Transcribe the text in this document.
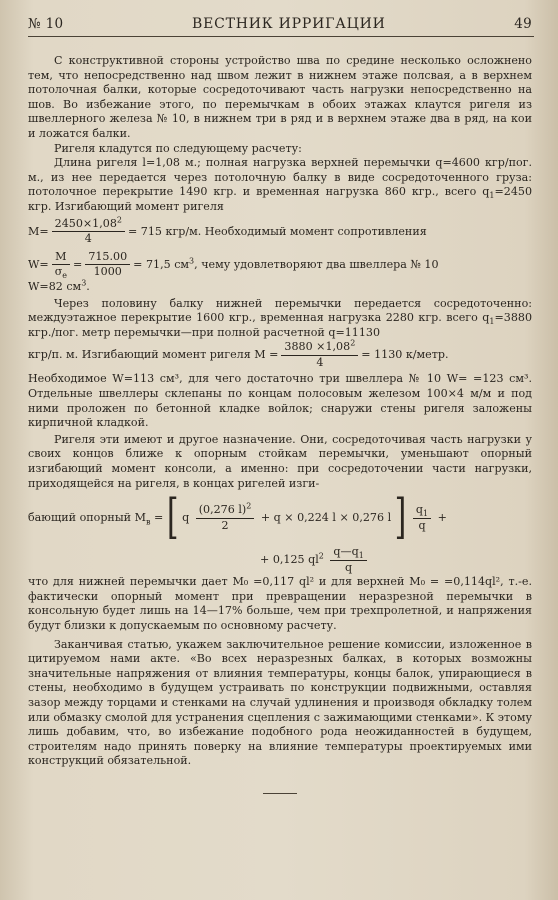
№ 10	ВЕСТНИК ИРРИГАЦИИ	49

С конструктивной стороны устройство шва по средине несколько осложнено тем, что непосредственно над швом лежит в нижнем этаже полсвая, а в верхнем потолочная балки, которые сосредоточивают часть нагрузки непосредственно на шов. Во избежание этого, по перемычкам в обоих этажах клаутся ригеля из швеллерного железа № 10, в нижнем три в ряд и в верхнем этаже два в ряд, на кои и ложатся балки.

Ригеля кладутся по следующему расчету:

Длина ригеля l=1,08 м.; полная нагрузка верхней перемычки q=4600 кгр/пог. м., из нее передается через потолочную балку в виде сосредоточенного груза: потолочное перекрытие 1490 кгр. и временная нагрузка 860 кгр., всего $q_1=2450$ кгр. Изгибающий момент ригеля

$M= \frac{2450\times 1,08^2}{4} = 715$ кгр/м. Необходимый момент сопротивления

$W= \frac{M}{\sigma_е} = \frac{715.00}{1000} = 71,5$ $см^3$, чему удовлетворяют два швеллера № 10

W=82 $см^3$.

Через половину балку нижней перемычки передается сосредоточенно: междуэтажное перекрытие 1600 кгр., временная нагрузка 2280 кгр. всего $q_1=3880$ кгр./пог. метр перемычки—при полной расчетной q=11130

кгр/п. м. Изгибающий момент ригеля $M = \frac{3880 \times 1,08^2}{4} = 1130$ к/метр.

Необходимое W=113 см³, для чего достаточно три швеллера № 10 W= =123 см³. Отдельные швеллеры склепаны по концам полосовым железом 100×4 м/м и под ними проложен по бетонной кладке войлок; снаружи стены ригеля заложены кирпичной кладкой.

Ригеля эти имеют и другое назначение. Они, сосредоточивая часть нагрузки у своих концов ближе к опорным стойкам перемычки, уменьшают опорный изгибающий момент консоли, а именно: при сосредоточении части нагрузки, приходящейся на ригеля, в концах ригелей изги-

бающий опорный $M_в$ = [ q $\frac{(0,276 l)^2}{2} + q \times 0,224$ l × 0,276 l ] $\frac{q_1}{q}$ +
+ 0,125 $ql^2 \frac{q—q_1}{q}$

что для нижней перемычки дает M₀ =0,117 ql² и для верхней M₀ = =0,114ql², т.-е. фактически опорный момент при превращении неразрезной перемычки в консольную будет лишь на 14—17% больше, чем при трехпролетной, и напряжения будут близки к допускаемым по основному расчету.

Заканчивая статью, укажем заключительное решение комиссии, изложенное в цитируемом нами акте. «Во всех неразрезных балках, в которых возможны значительные напряжения от влияния температуры, концы балок, упирающиеся в стены, необходимо в будущем устраивать по конструкции подвижными, оставляя зазор между торцами и стенками на случай удлинения и производя обкладку толем или обмазку смолой для устранения сцепления с зажимающими стенками». К этому лишь добавим, что, во избежание подобного рода неожиданностей в будущем, строителям надо принять поверку на влияние температуры проектируемых ими конструкций обязательной.
